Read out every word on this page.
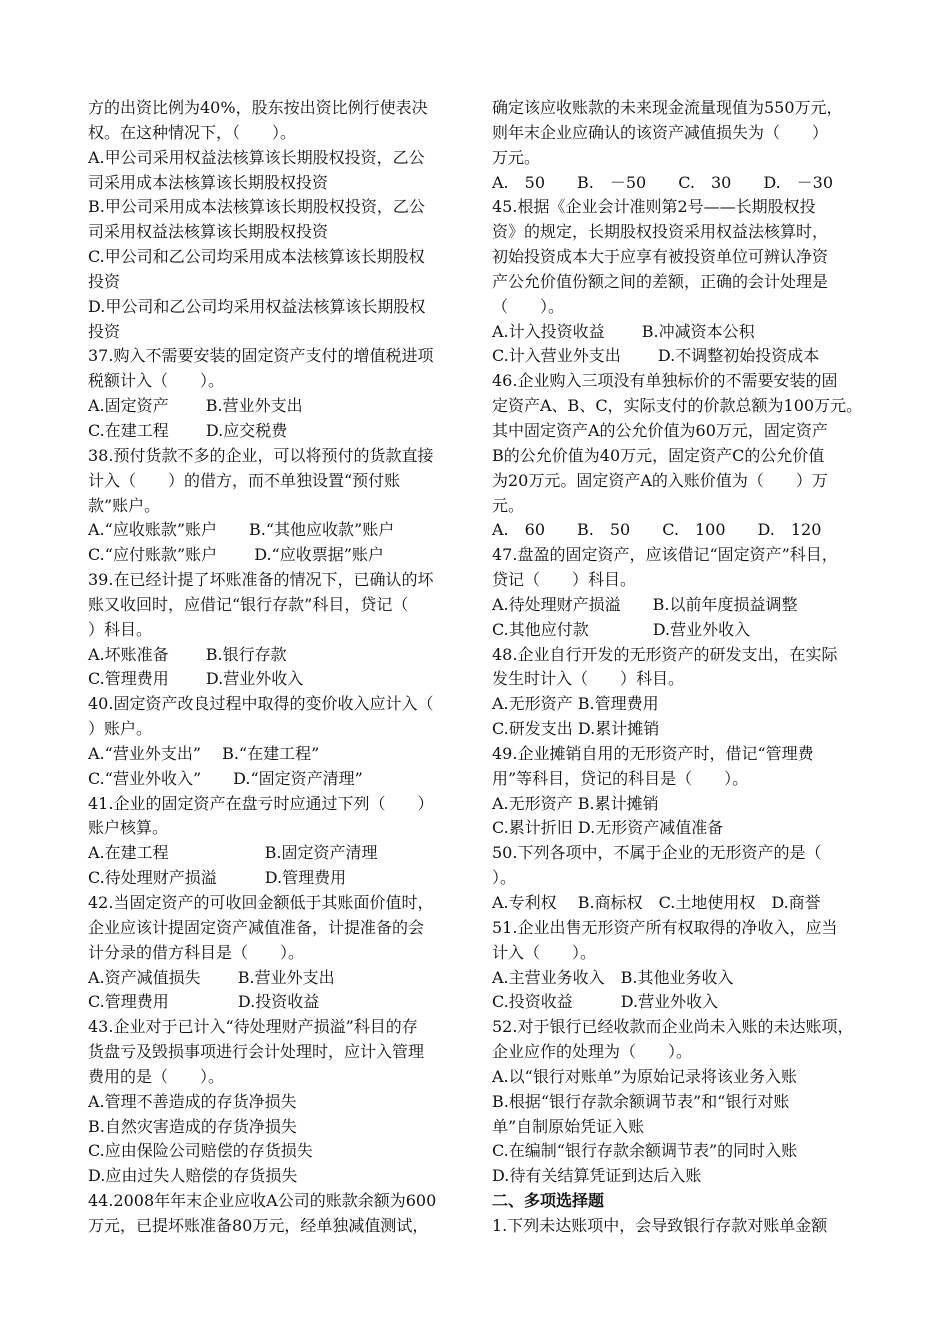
方的出资比例为40%，股东按出资比例行使表决
权。在这种情况下，（　　）。
A.甲公司采用权益法核算该长期股权投资，乙公
司采用成本法核算该长期股权投资
B.甲公司采用成本法核算该长期股权投资，乙公
司采用权益法核算该长期股权投资
C.甲公司和乙公司均采用成本法核算该长期股权
投资
D.甲公司和乙公司均采用权益法核算该长期股权
投资
37.购入不需要安装的固定资产支付的增值税进项
税额计入（　　）。
A.固定资产　　 B.营业外支出
C.在建工程　　 D.应交税费
38.预付货款不多的企业，可以将预付的货款直接
计入（　　）的借方，而不单独设置“预付账
款”账户。
A.“应收账款”账户　　B.“其他应收款”账户
C.“应付账款”账户　　 D.“应收票据”账户
39.在已经计提了坏账准备的情况下，已确认的坏
账又收回时，应借记“银行存款”科目，贷记（
）科目。
A.坏账准备　　 B.银行存款
C.管理费用　　 D.营业外收入
40.固定资产改良过程中取得的变价收入应计入（
）账户。
A.“营业外支出”　 B.“在建工程”
C.“营业外收入”　　D.“固定资产清理”
41.企业的固定资产在盘亏时应通过下列（　　）
账户核算。
A.在建工程　　　　　　B.固定资产清理
C.待处理财产损溢　　　D.管理费用
42.当固定资产的可收回金额低于其账面价值时，
企业应该计提固定资产减值准备，计提准备的会
计分录的借方科目是（　　）。
A.资产减值损失　　 B.营业外支出
C.管理费用　　　　 D.投资收益
43.企业对于已计入“待处理财产损溢”科目的存
货盘亏及毁损事项进行会计处理时，应计入管理
费用的是（　　）。
A.管理不善造成的存货净损失
B.自然灾害造成的存货净损失
C.应由保险公司赔偿的存货损失
D.应由过失人赔偿的存货损失
44.2008年年末企业应收A公司的账款余额为600
万元，已提坏账准备80万元，经单独减值测试，
确定该应收账款的未来现金流量现值为550万元，
则年末企业应确认的该资产减值损失为（　　）
万元。
A.　50　　B.　－50　　C.　30　　D.　－30
45.根据《企业会计准则第2号——长期股权投
资》的规定，长期股权投资采用权益法核算时，
初始投资成本大于应享有被投资单位可辨认净资
产公允价值份额之间的差额，正确的会计处理是
（　　）。
A.计入投资收益　　 B.冲减资本公积
C.计入营业外支出　　 D.不调整初始投资成本
46.企业购入三项没有单独标价的不需要安装的固
定资产A、B、C，实际支付的价款总额为100万元。
其中固定资产A的公允价值为60万元，固定资产
B的公允价值为40万元，固定资产C的公允价值
为20万元。固定资产A的入账价值为（　　）万
元。
A.　60　　B.　50　　C.　100　　D.　120
47.盘盈的固定资产，应该借记“固定资产”科目，
贷记（　　）科目。
A.待处理财产损溢　　B.以前年度损益调整
C.其他应付款　　　　D.营业外收入
48.企业自行开发的无形资产的研发支出，在实际
发生时计入（　　）科目。
A.无形资产 B.管理费用
C.研发支出 D.累计摊销
49.企业摊销自用的无形资产时，借记“管理费
用”等科目，贷记的科目是（　　）。
A.无形资产 B.累计摊销
C.累计折旧 D.无形资产减值准备
50.下列各项中，不属于企业的无形资产的是（
）。
A.专利权　 B.商标权　C.土地使用权　D.商誉
51.企业出售无形资产所有权取得的净收入，应当
计入（　　）。
A.主营业务收入　B.其他业务收入
C.投资收益　　　D.营业外收入
52.对于银行已经收款而企业尚未入账的未达账项，
企业应作的处理为（　　）。
A.以“银行对账单”为原始记录将该业务入账
B.根据“银行存款余额调节表”和“银行对账
单”自制原始凭证入账
C.在编制“银行存款余额调节表”的同时入账
D.待有关结算凭证到达后入账
二、多项选择题
1.下列未达账项中，会导致银行存款对账单金额
